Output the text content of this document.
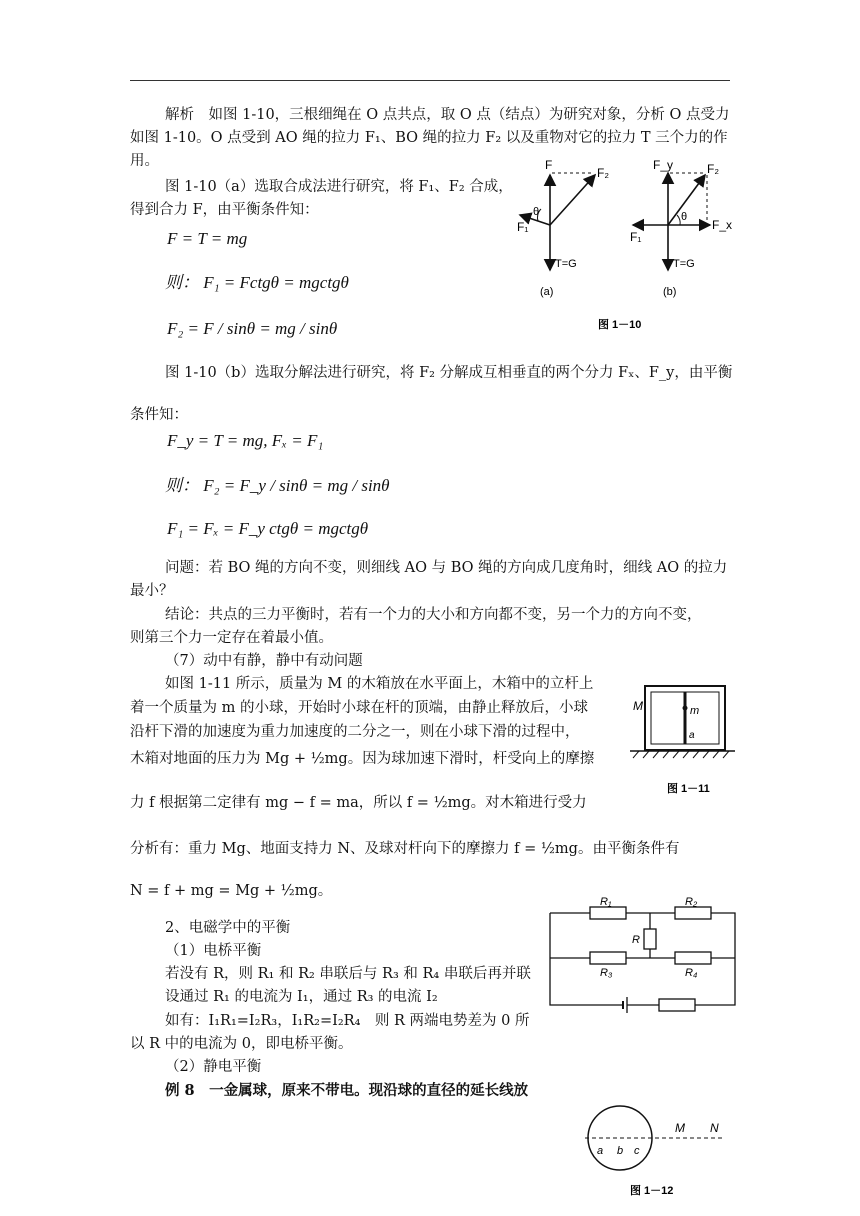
解析　如图 1-10，三根细绳在 O 点共点，取 O 点（结点）为研究对象，分析 O 点受力
如图 1-10。O 点受到 AO 绳的拉力 F₁、BO 绳的拉力 F₂ 以及重物对它的拉力 T 三个力的作
用。
图 1-10（a）选取合成法进行研究，将 F₁、F₂ 合成，
得到合力 F，由平衡条件知：
F = T = mg
则： F₁ = Fctgθ = mgctgθ
F₂ = F / sinθ = mg / sinθ
图 1-10（b）选取分解法进行研究，将 F₂ 分解成互相垂直的两个分力 Fₓ、F_y，由平衡
条件知：
F_y = T = mg, Fₓ = F₁
则： F₂ = F_y / sinθ = mg / sinθ
F₁ = Fₓ = F_y ctgθ = mgctgθ
问题：若 BO 绳的方向不变，则细线 AO 与 BO 绳的方向成几度角时，细线 AO 的拉力
最小？
结论：共点的三力平衡时，若有一个力的大小和方向都不变，另一个力的方向不变，
则第三个力一定存在着最小值。
（7）动中有静，静中有动问题
如图 1-11 所示，质量为 M 的木箱放在水平面上，木箱中的立杆上
着一个质量为 m 的小球，开始时小球在杆的顶端，由静止释放后，小球
沿杆下滑的加速度为重力加速度的二分之一，则在小球下滑的过程中，
木箱对地面的压力为 Mg + ½mg。因为球加速下滑时，杆受向上的摩擦
力 f 根据第二定律有 mg − f = ma，所以 f = ½mg。对木箱进行受力
分析有：重力 Mg、地面支持力 N、及球对杆向下的摩擦力 f = ½mg。由平衡条件有
N = f + mg = Mg + ½mg。
2、电磁学中的平衡
（1）电桥平衡
若没有 R，则 R₁ 和 R₂ 串联后与 R₃ 和 R₄ 串联后再并联
设通过 R₁ 的电流为 I₁，通过 R₃ 的电流 I₂
如有：I₁R₁=I₂R₃，I₁R₂=I₂R₄　则 R 两端电势差为 0 所
以 R 中的电流为 0，即电桥平衡。
（2）静电平衡
例 8　一金属球，原来不带电。现沿球的直径的延长线放
F
F₂
F₁
θ
T=G
(a)
F_y	F₂
F_x
F₁
θ
T=G
(b)
图 1－10
M	m
a
图 1－11
R₁	R₂
R₃	R₄
R
a b c
M N
图 1－12
